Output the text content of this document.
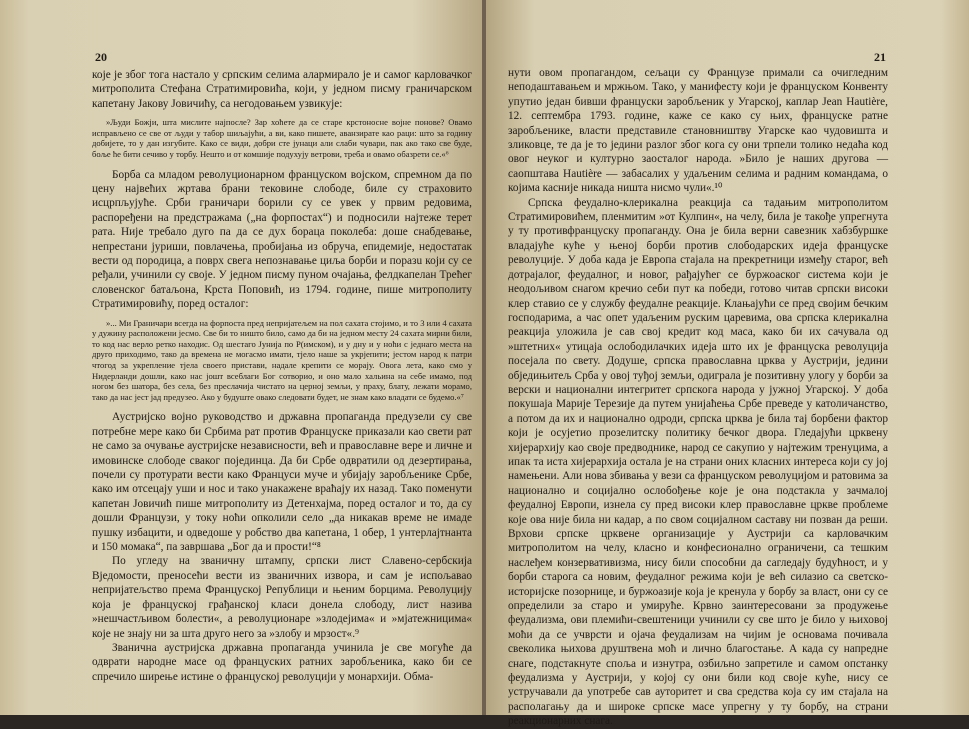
20

које је због тога настало у српским селима алармирало је и самог карловачког митрополита Стефана Стратимировића, који, у једном писму граничарском капетану Јакову Јовичићу, са негодовањем узвикује:

»Људи Божји, шта мислите најпосле? Зар хоћете да се старе крстоносне војне понове? Овамо исправљено се све от људи у табор шиљајући, а ви, како пишете, аванзирате као раци: што за годину добијете, то у дан изгубите. Како се види, добри сте јунаци али слаби чувари, пак ако тако све буде, боље ће бити сечиво у торбу. Нешто и от комшије подухују ветрови, треба и овамо обазрети се.«⁶

Борба са младом револуционарном француском војском, спремном да по цену највећих жртава брани тековине слободе, биле су страховито исцрпљујуће. Срби граничари борили су се увек у првим редовима, распоређени на предстражама („на форпостах“) и подносили најтеже терет рата. Није требало дуго па да се дух бораца поколеба: доше снабдевање, непрестани јуриши, повлачења, пробијања из обруча, епидемије, недостатак вести од породица, а поврх свега непознавање циља борби и поразu који су се ређали, учинили су своје. У једном писму пуном очајања, фелдкапелан Трећег словенског батаљона, Крста Поповић, из 1794. године, пише митрополиту Стратимировићу, поред осталог:

»... Ми Граничари всегда на форпоста пред непријатељем на пол сахата стојимо, и то 3 или 4 сахата у дужину расположени јесмо. Све би то ништо било, само да би на једном месту 24 сахата мирни били, то код нас верло ретко находис. Од шестаго Јунија по Р(имском), и у дну и у ноћи с једнаго места на друго приходимо, тако да времена не могасмо имати, тјело наше за укрјепити; јестом народ к патри чтогод за укрепление тјела своего пристави, надале крепити се морају. Овога лета, како смо у Нидерланди дошли, како нас јошт всеблаги Бог сотворио, и оно мало хальина на себе имамо, под ногом без шатора, без села, без преслачија чистато на церној земљи, у праху, блату, лежати морамо, тако да нас јест јад предузео. Ако у будуште овако следовати будет, не знам како владати се будемо.«⁷

Аустријско војно руководство и државна пропаганда предузели су све потребне мере како би Србима рат против Француске приказали као свети рат не само за очување аустријске независности, већ и православне вере и личне и имовинске слободе сваког појединца. Да би Србе одвратили од дезертирања, почели су протурати вести како Француси муче и убијају заробљенике Србе, како им отсецају уши и нос и тако унакажене враћају их назад. Тако поменути капетан Јовичић пише митрополиту из Детенхајма, поред осталог и то, да су дошли Французи, у току ноћи опколили село „да никакав време не имаде пушку избацити, и одведоше у робство два капетана, 1 обер, 1 унтерлајтнанта и 150 момака“, па завршава „Бог да и прости!“⁸

По угледу на званичну штампу, српски лист Славено-сербскија Вједомости, преносећи вести из званичних извора, и сам је испољавао непријатељство према Француској Републици и њеним борцима. Револуцију која је француској грађанској класи донела слободу, лист назива »нешчастљивом болести«, а револуционаре »злодејима« и »мјатежницима« које не знају ни за шта друго него за »злобу и мрзост«.⁹

Званична аустријска државна пропаганда учинила је све могуће да одврати народне масе од француских ратних заробљеника, како би се спречило ширење истине о француској револуцији у монархији. Обма-

21

нути овом пропагандом, сељаци су Французе примали са очигледним непoдаштавањем и мржњом. Тако, у манифесту који је француском Конвенту упутио један бивши француски заробљеник у Угарској, каплар Jean Hautière, 12. септембра 1793. године, каже се како су њих, француске ратне заробљенике, власти представиле становништву Угарске као чудовишта и зликовце, те да је то једини разлог због кога су они трпели толико недаћа код овог неуког и културно заосталог народа. »Било је наших другова — саопштава Hautière — забасалих у удаљеним селима и радним командама, о којима касније никада ништа нисмо чули«.¹⁰

Српска феудално-клерикална реакција са тадањим митрополитом Стратимировићем, пленмитим »от Кулпин«, на челу, била је такође упрегнута у ту противфранцуску пропаганду. Она је била верни савезник хабзбуршке владајуће куће у њеној борби против слободарских идеја француске револуције. У доба када је Европа стајала на прекретници између старог, већ дотрајалог, феудалног, и новог, рађајућег се буржоаског система који је неодољивом снагом кречио себи пут ка победи, готово читав српски високи клер ставио се у службу феудалне реакције. Клањајући се пред својим бечким господарима, а час опет удаљеним руским царевима, ова српска клерикална реакција уложила је сав свој кредит код маса, како би их сачувала од »штетних« утицаја ослободилачких идеја што их је француска револуција посејала по свету. Додуше, српска православна црква у Аустрији, једини обједињитељ Срба у овој туђој земљи, одиграла је позитивну улогу у борби за верски и национални интегритет српскога народа у јужној Угарској. У доба покушаја Марије Терезије да путем унијаћења Србе преведе у католичанство, а потом да их и национално одроди, српска црква је била тај борбени фактор који је осујетио прозелитску политику бечког двора. Гледајући црквену хијерархију као своје предводнике, народ се сакупио у најтежим тренуцима, а ипак та иста хијерархија остала је на страни оних класних интереса који су јој намењени. Али нова збивања у вези са француском револуцијом и ратовима за национално и социјално ослобођење које је она подстакла у зачмалој феудалној Европи, изнела су пред високи клер православне цркве проблеме које ова није била ни кадар, а по свом социјалном саставу ни позван да реши. Врхови српске црквене организације у Аустрији са карловачким митрополитом на челу, класно и конфесионално ограничени, са тешким наслеђем конзервативизма, нису били способни да сагледају будућност, и у борби старога са новим, феудалног режима који је већ силазио са светско-историјске позорнице, и буржоазије која је кренула у борбу за власт, они су се определили за старо и умируће. Крвно заинтересовани за продужење феудализма, ови племићи-свештеници учинили су све што је било у њиховој моћи да се учврсти и ојача феудализам на чијим је основама почивала свеколика њихова друштвена моћ и лично благостање. А када су напредне снаге, подстакнуте споља и изнутра, озбиљно запретиле и самом опстанку феудализма у Аустрији, у којој су они били код своје куће, нису се устручавали да употребе сав ауторитет и сва средства која су им стајала на располагању да и широке српске масе упрегну у ту борбу, на страни реакционарних снага.
